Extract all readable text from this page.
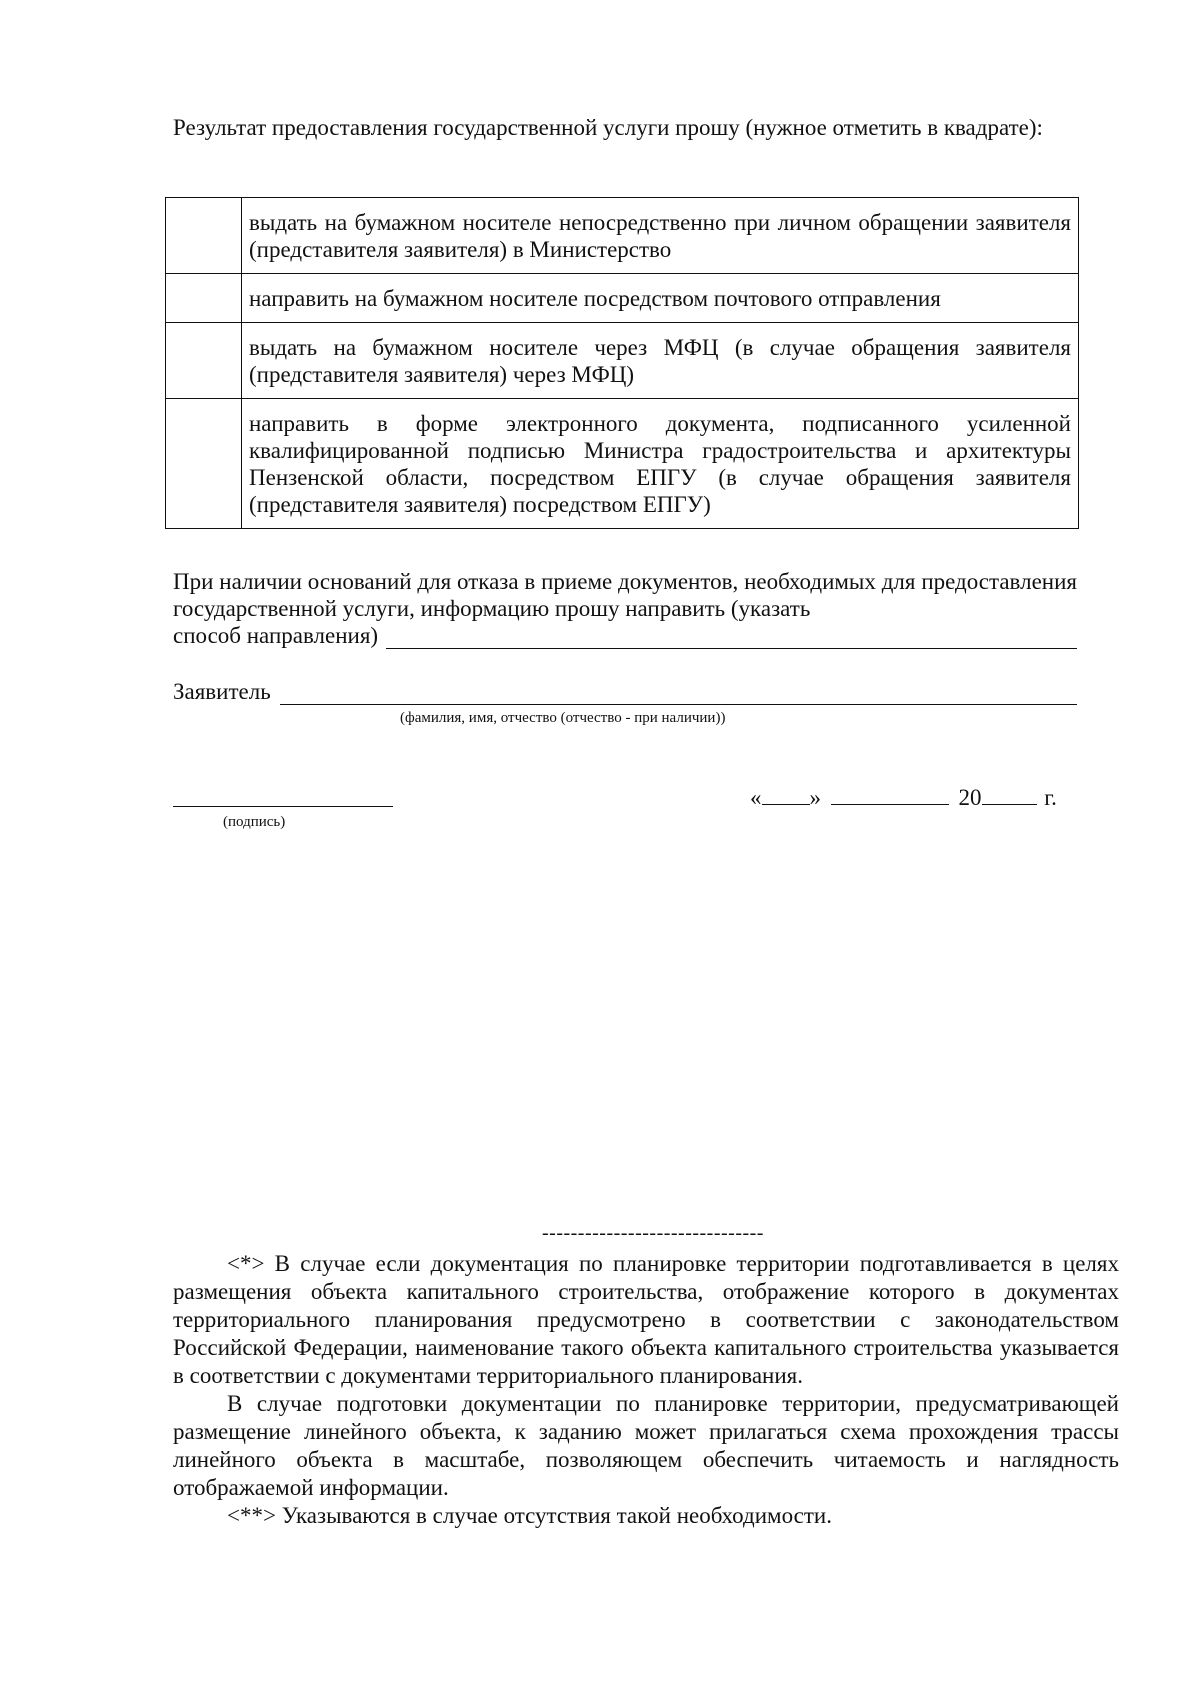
Результат предоставления государственной услуги прошу (нужное отметить в квадрате):
	выдать на бумажном носителе непосредственно при личном обращении заявителя (представителя заявителя) в Министерство
	направить на бумажном носителе посредством почтового отправления
	выдать на бумажном носителе через МФЦ (в случае обращения заявителя (представителя заявителя) через МФЦ)
	направить в форме электронного документа, подписанного усиленной квалифицированной подписью Министра градостроительства и архитектуры Пензенской области, посредством ЕПГУ (в случае обращения заявителя (представителя заявителя) посредством ЕПГУ)
При наличии оснований для отказа в приеме документов, необходимых для предоставления государственной услуги, информацию прошу направить (указать
способ направления)
Заявитель
(фамилия, имя, отчество (отчество - при наличии))
(подпись)
« »	20	г.
-------------------------------

<*> В случае если документация по планировке территории подготавливается в целях размещения объекта капитального строительства, отображение которого в документах территориального планирования предусмотрено в соответствии с законодательством Российской Федерации, наименование такого объекта капитального строительства указывается в соответствии с документами территориального планирования.

В случае подготовки документации по планировке территории, предусматривающей размещение линейного объекта, к заданию может прилагаться схема прохождения трассы линейного объекта в масштабе, позволяющем обеспечить читаемость и наглядность отображаемой информации.

<**> Указываются в случае отсутствия такой необходимости.
